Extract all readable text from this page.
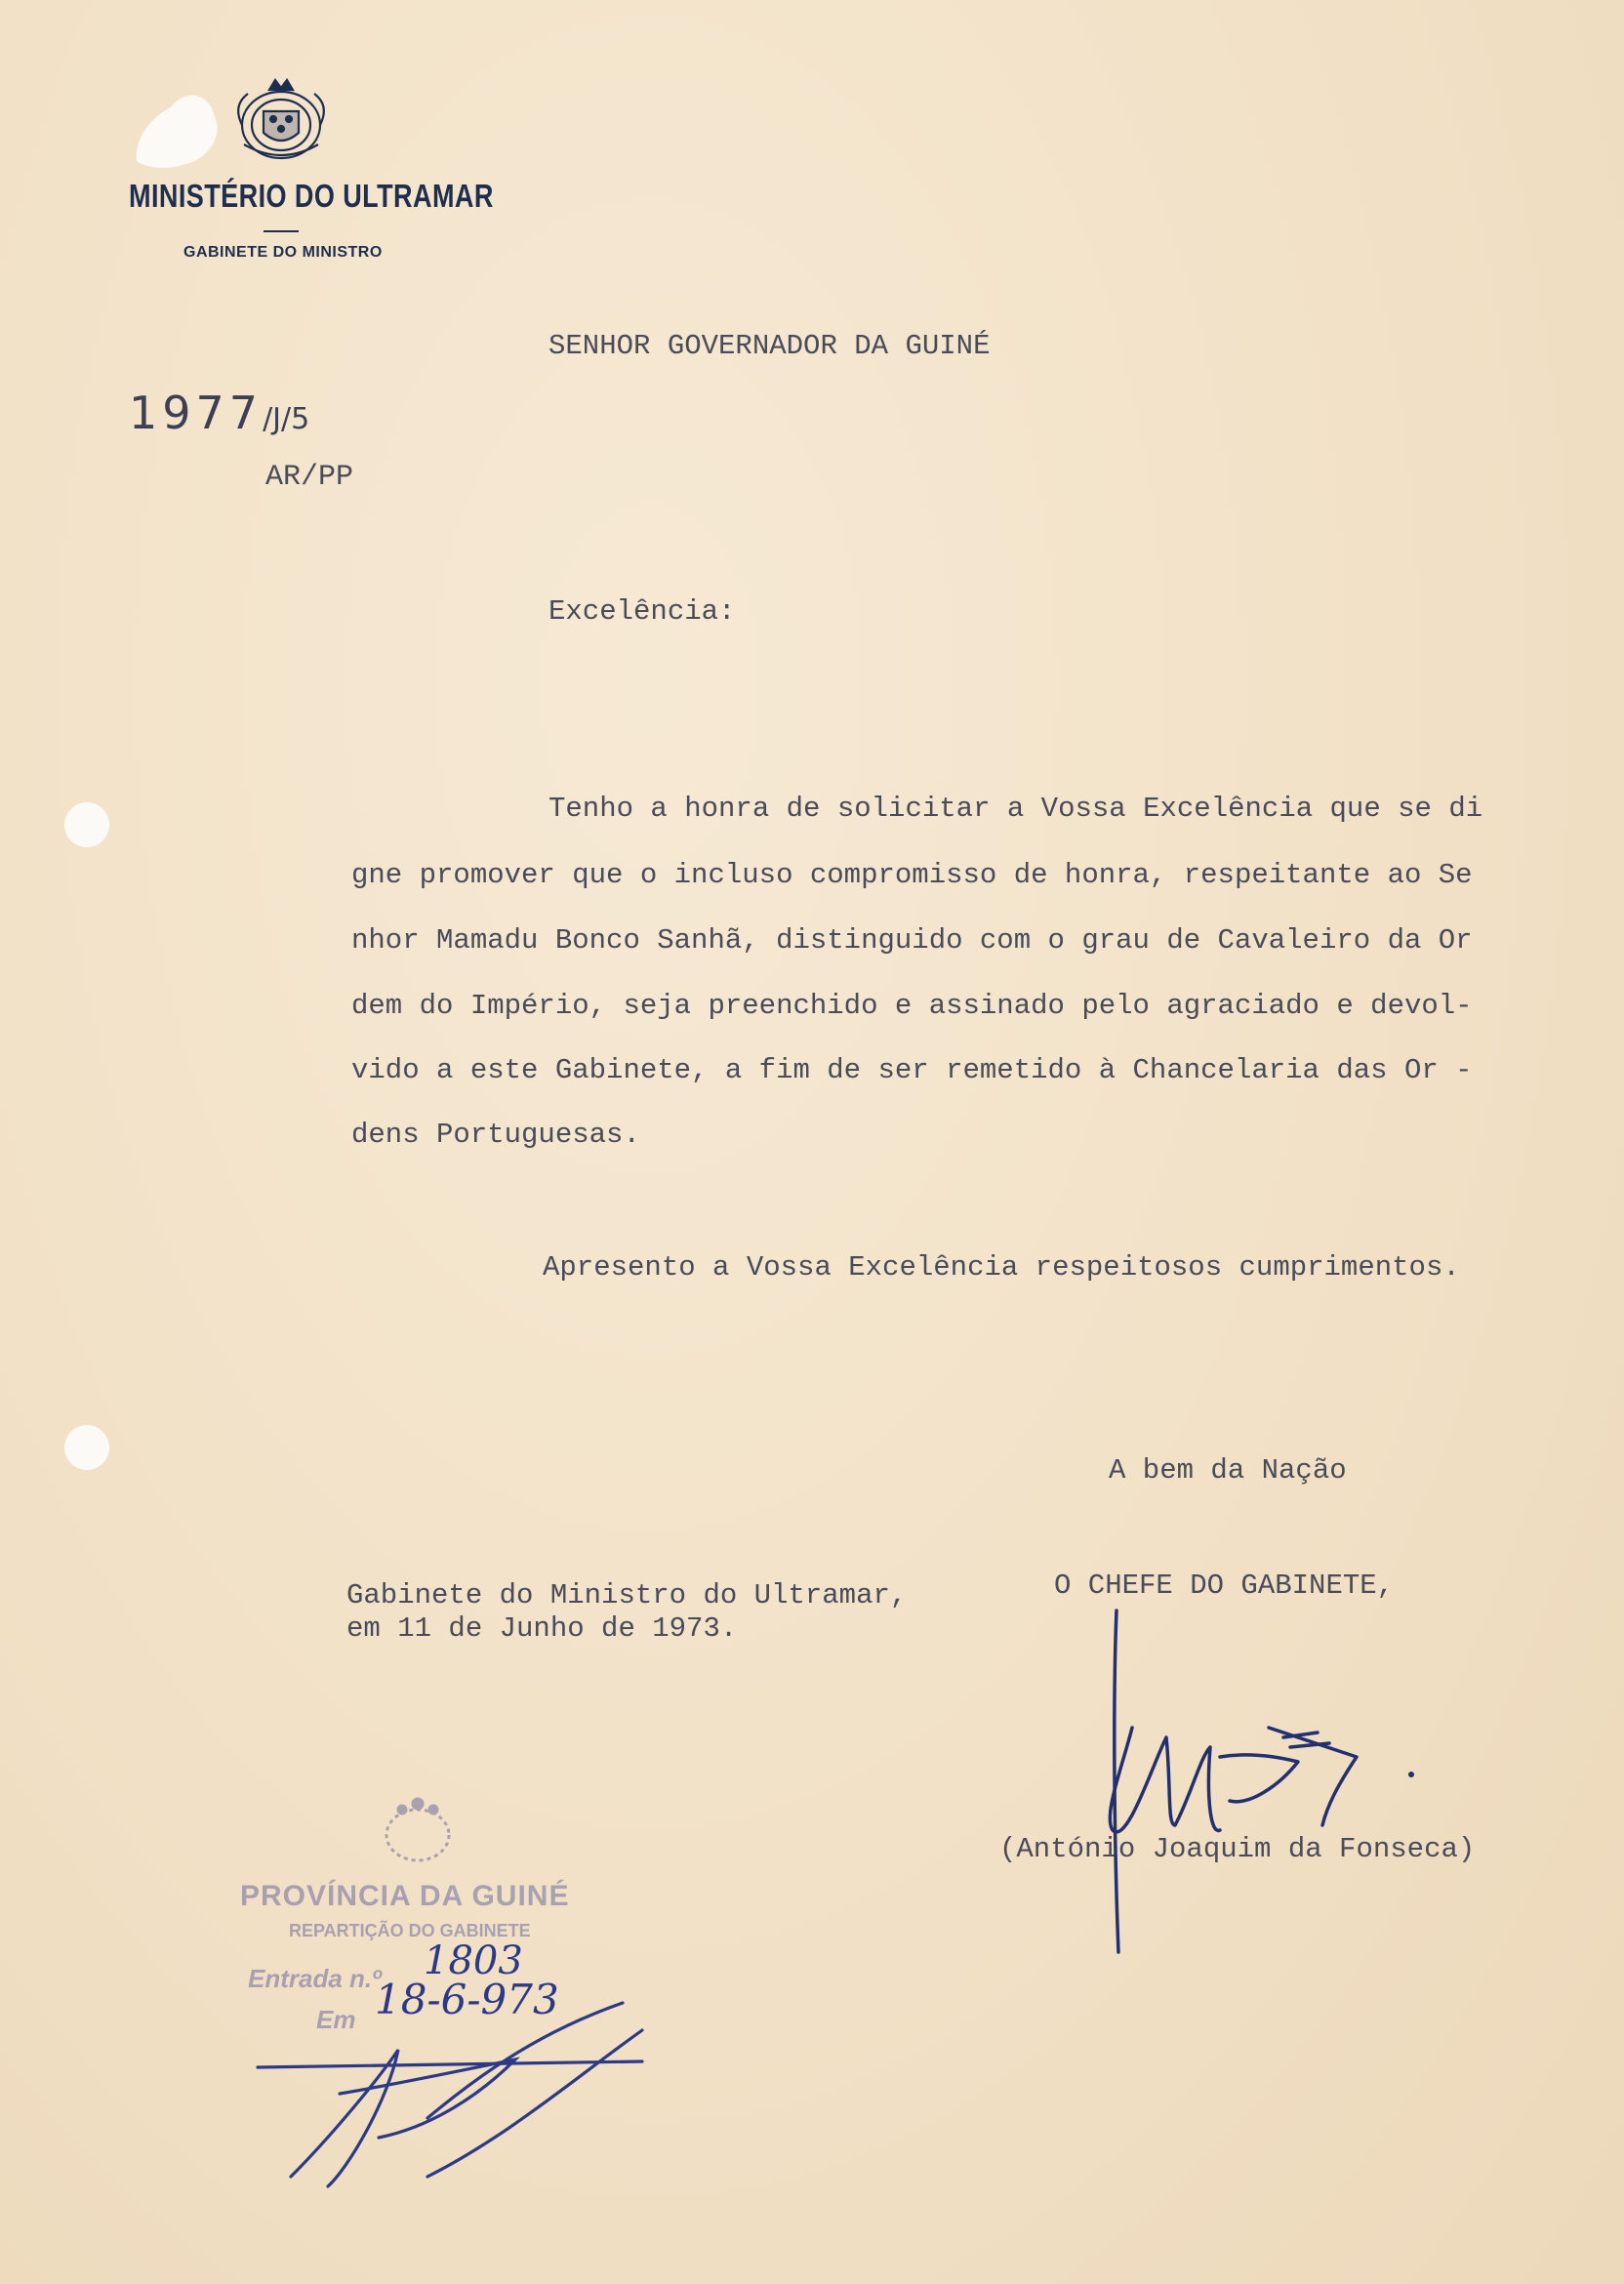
MINISTÉRIO DO ULTRAMAR
GABINETE DO MINISTRO
SENHOR GOVERNADOR DA GUINÉ
1977/J/5
AR/PP
Excelência:
Tenho a honra de solicitar a Vossa Excelência que se di
gne promover que o incluso compromisso de honra, respeitante ao Se
nhor Mamadu Bonco Sanhã, distinguido com o grau de Cavaleiro da Or
dem do Império, seja preenchido e assinado pelo agraciado e devol-
vido a este Gabinete, a fim de ser remetido à Chancelaria das Or -
dens Portuguesas.
Apresento a Vossa Excelência respeitosos cumprimentos.
A bem da Nação
Gabinete do Ministro do Ultramar,
em 11 de Junho de 1973.
O CHEFE DO GABINETE,
(António Joaquim da Fonseca)
PROVÍNCIA DA GUINÉ
REPARTIÇÃO DO GABINETE
Entrada n.º 1803
Em 18-6-973
